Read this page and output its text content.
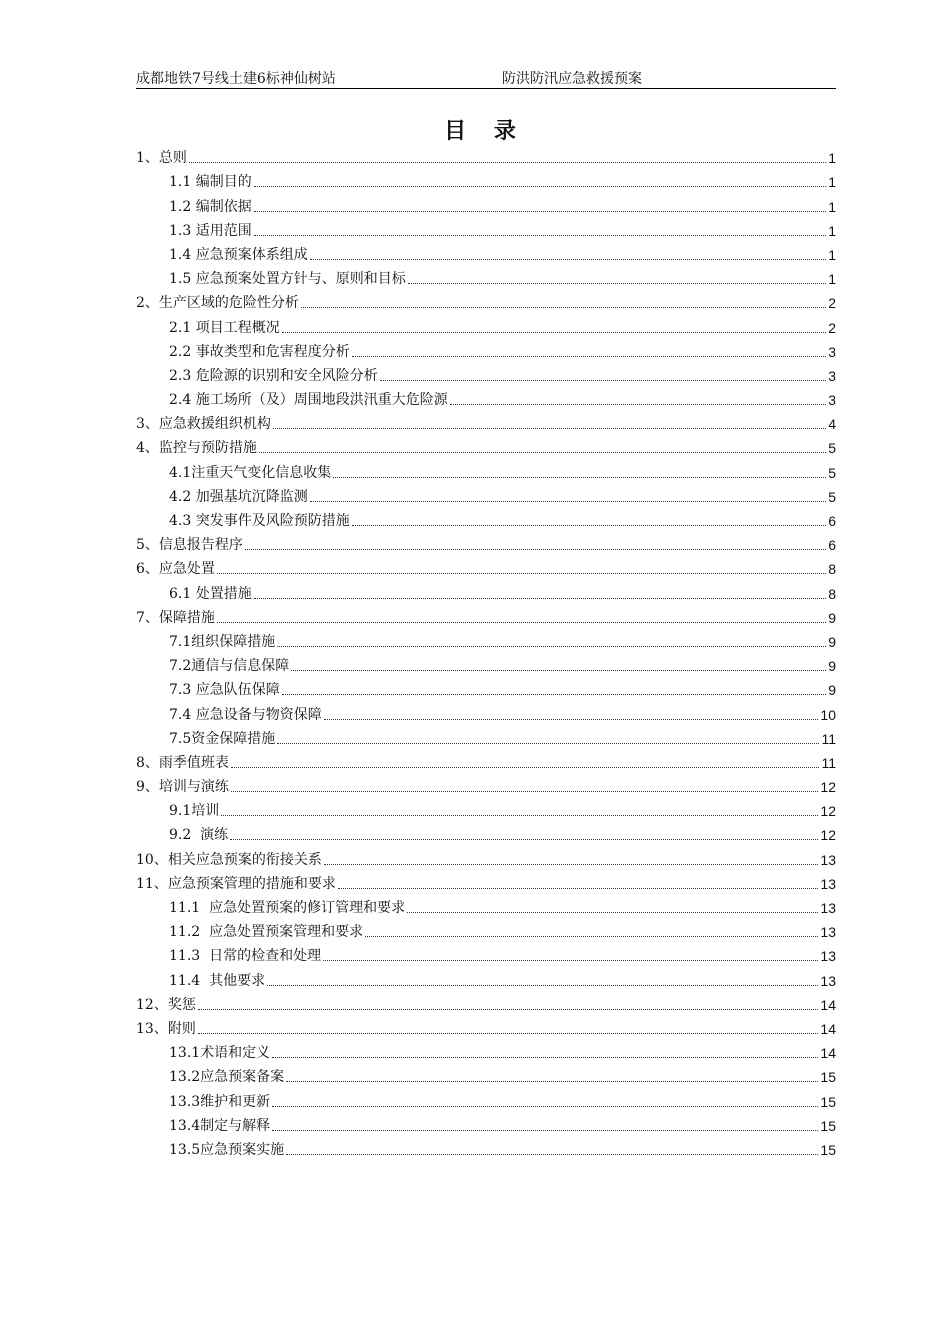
成都地铁7号线土建6标神仙树站	防洪防汛应急救援预案
目 录
1、总则	1
1.1 编制目的	1
1.2 编制依据	1
1.3 适用范围	1
1.4 应急预案体系组成	1
1.5 应急预案处置方针与、原则和目标	1
2、生产区域的危险性分析	2
2.1 项目工程概况	2
2.2 事故类型和危害程度分析	3
2.3 危险源的识别和安全风险分析	3
2.4 施工场所（及）周围地段洪汛重大危险源	3
3、应急救援组织机构	4
4、监控与预防措施	5
4.1注重天气变化信息收集	5
4.2 加强基坑沉降监测	5
4.3 突发事件及风险预防措施	6
5、信息报告程序	6
6、应急处置	8
6.1 处置措施	8
7、保障措施	9
7.1组织保障措施	9
7.2通信与信息保障	9
7.3 应急队伍保障	9
7.4 应急设备与物资保障	10
7.5资金保障措施	11
8、雨季值班表	11
9、培训与演练	12
9.1培训	12
9.2  演练	12
10、相关应急预案的衔接关系	13
11、应急预案管理的措施和要求	13
11.1  应急处置预案的修订管理和要求	13
11.2  应急处置预案管理和要求	13
11.3  日常的检查和处理	13
11.4  其他要求	13
12、奖惩	14
13、附则	14
13.1术语和定义	14
13.2应急预案备案	15
13.3维护和更新	15
13.4制定与解释	15
13.5应急预案实施	15
